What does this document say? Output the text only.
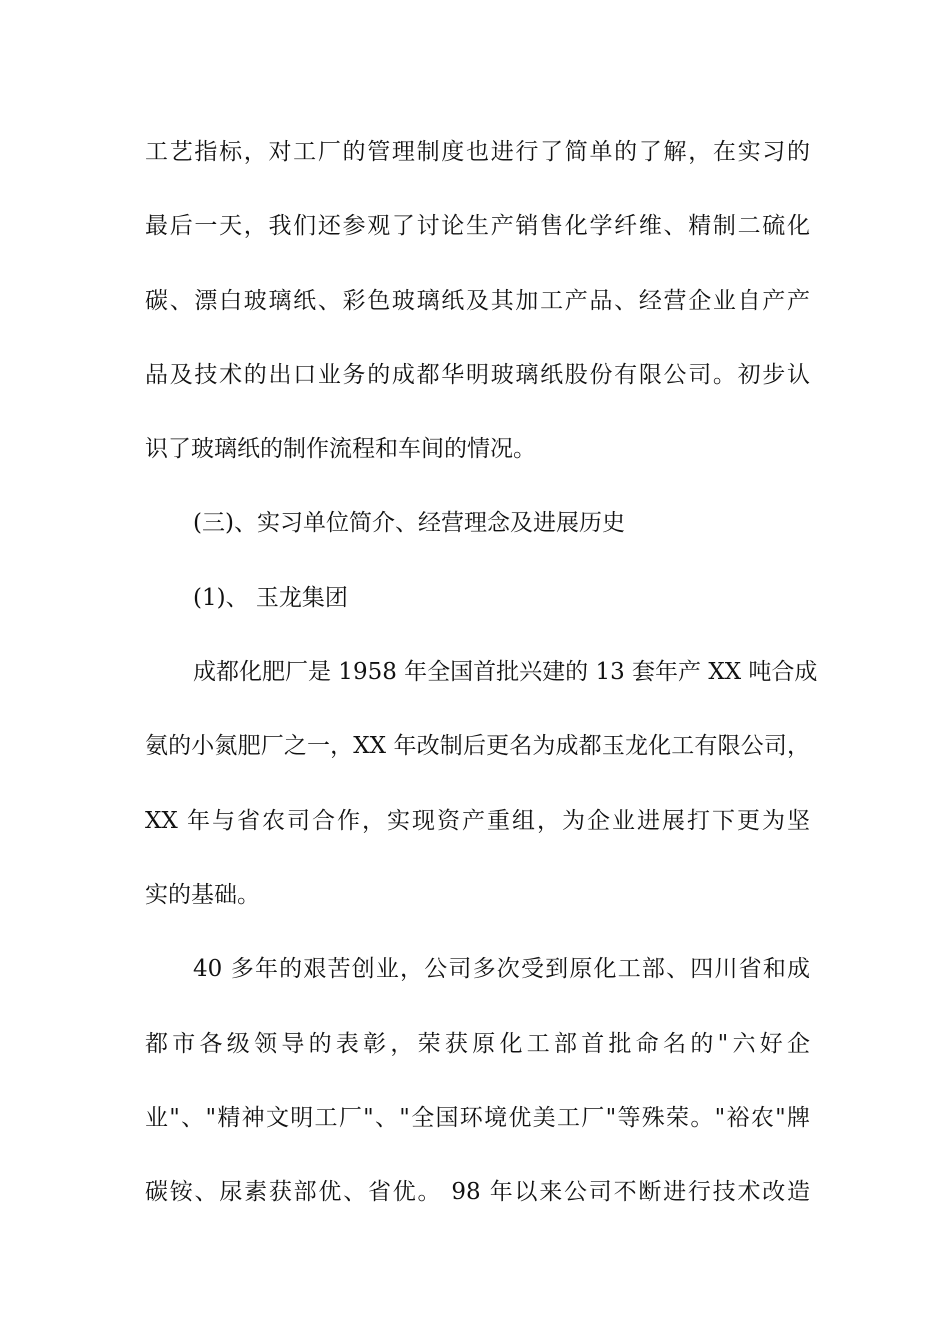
工艺指标，对工厂的管理制度也进行了简单的了解，在实习的
最后一天，我们还参观了讨论生产销售化学纤维、精制二硫化
碳、漂白玻璃纸、彩色玻璃纸及其加工产品、经营企业自产产
品及技术的出口业务的成都华明玻璃纸股份有限公司。初步认
识了玻璃纸的制作流程和车间的情况。
(三)、实习单位简介、经营理念及进展历史
(1)、 玉龙集团
成都化肥厂是 1958 年全国首批兴建的 13 套年产 XX 吨合成
氨的小氮肥厂之一，XX 年改制后更名为成都玉龙化工有限公司，
XX 年与省农司合作，实现资产重组，为企业进展打下更为坚
实的基础。
40 多年的艰苦创业，公司多次受到原化工部、四川省和成
都市各级领导的表彰，荣获原化工部首批命名的"六好企
业"、"精神文明工厂"、"全国环境优美工厂"等殊荣。"裕农"牌
碳铵、尿素获部优、省优。 98 年以来公司不断进行技术改造
